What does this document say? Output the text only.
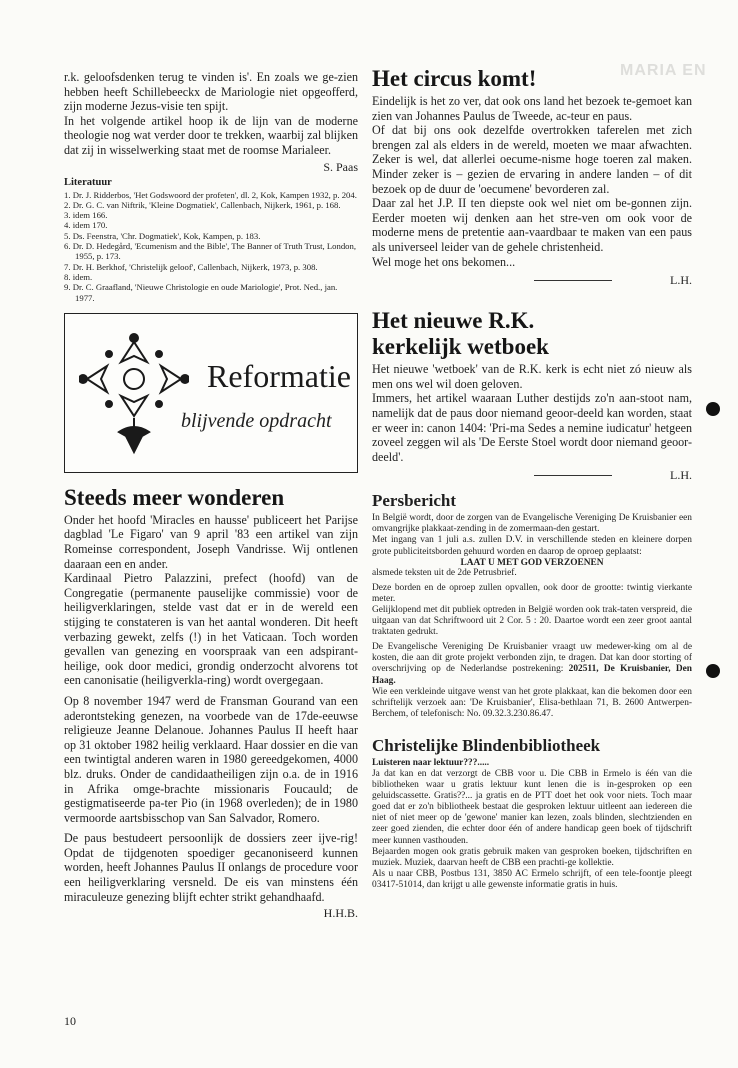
MARIA EN

r.k. geloofsdenken terug te vinden is'. En zoals we ge-zien hebben heeft Schillebeeckx de Mariologie niet opgeofferd, zijn moderne Jezus-visie ten spijt.

In het volgende artikel hoop ik de lijn van de moderne theologie nog wat verder door te trekken, waarbij zal blijken dat zij in wisselwerking staat met de roomse Marialeer.

S. Paas

Literatuur
1. Dr. J. Ridderbos, 'Het Godswoord der profeten', dl. 2, Kok, Kampen 1932, p. 204.
2. Dr. G. C. van Niftrik, 'Kleine Dogmatiek', Callenbach, Nijkerk, 1961, p. 168.
3. idem 166.
4. idem 170.
5. Ds. Feenstra, 'Chr. Dogmatiek', Kok, Kampen, p. 183.
6. Dr. D. Hedegård, 'Ecumenism and the Bible', The Banner of Truth Trust, London, 1955, p. 173.
7. Dr. H. Berkhof, 'Christelijk geloof', Callenbach, Nijkerk, 1973, p. 308.
8. idem.
9. Dr. C. Graafland, 'Nieuwe Christologie en oude Mariologie', Prot. Ned., jan. 1977.
Reformatie
blijvende opdracht
Steeds meer wonderen

Onder het hoofd 'Miracles en hausse' publiceert het Parijse dagblad 'Le Figaro' van 9 april '83 een artikel van zijn Romeinse correspondent, Joseph Vandrisse. Wij ontlenen daaraan een en ander.

Kardinaal Pietro Palazzini, prefect (hoofd) van de Congregatie (permanente pauselijke commissie) voor de heiligverklaringen, stelde vast dat er in de wereld een stijging te constateren is van het aantal wonderen. Dit heeft verbazing gewekt, zelfs (!) in het Vaticaan. Toch worden gevallen van genezing en voorspraak van een adspirant-heilige, ook door medici, grondig onderzocht alvorens tot een canonisatie (heiligverkla-ring) wordt overgegaan.

Op 8 november 1947 werd de Fransman Gourand van een aderontsteking genezen, na voorbede van de 17de-eeuwse religieuze Jeanne Delanoue. Johannes Paulus II heeft haar op 31 oktober 1982 heilig verklaard. Haar dossier en die van een twintigtal anderen waren in 1980 gereedgekomen, 4000 blz. druks. Onder de candidaatheiligen zijn o.a. de in 1916 in Afrika omge-brachte missionaris Foucauld; de gestigmatiseerde pa-ter Pio (in 1968 overleden); de in 1980 vermoorde aartsbisschop van San Salvador, Romero.

De paus bestudeert persoonlijk de dossiers zeer ijve-rig! Opdat de tijdgenoten spoediger gecanoniseerd kunnen worden, heeft Johannes Paulus II onlangs de procedure voor een heiligverklaring versneld. De eis van minstens één miraculeuze genezing blijft echter strikt gehandhaafd.

H.H.B.

Het circus komt!

Eindelijk is het zo ver, dat ook ons land het bezoek te-gemoet kan zien van Johannes Paulus de Tweede, ac-teur en paus.

Of dat bij ons ook dezelfde overtrokken taferelen met zich brengen zal als elders in de wereld, moeten we maar afwachten. Zeker is wel, dat allerlei oecume-nisme hoge toeren zal maken. Minder zeker is – gezien de ervaring in andere landen – of dit bezoek op de duur de 'oecumene' bevorderen zal.

Daar zal het J.P. II ten diepste ook wel niet om be-gonnen zijn. Eerder moeten wij denken aan het stre-ven om ook voor de moderne mens de pretentie aan-vaardbaar te maken van een paus als universeel leider van de gehele christenheid.

Wel moge het ons bekomen...

L.H.
Het nieuwe R.K.
kerkelijk wetboek

Het nieuwe 'wetboek' van de R.K. kerk is echt niet zó nieuw als men ons wel wil doen geloven.

Immers, het artikel waaraan Luther destijds zo'n aan-stoot nam, namelijk dat de paus door niemand geoor-deeld kan worden, staat er weer in: canon 1404: 'Pri-ma Sedes a nemine iudicatur' hetgeen zoveel zeggen wil als 'De Eerste Stoel wordt door niemand geoor-deeld'.

L.H.
Persbericht

In België wordt, door de zorgen van de Evangelische Vereniging De Kruisbanier een omvangrijke plakkaat-zending in de zomermaan-den gestart.

Met ingang van 1 juli a.s. zullen D.V. in verschillende steden en kleinere dorpen grote publiciteitsborden gehuurd worden en daarop de oproep geplaatst:

LAAT U MET GOD VERZOENEN

alsmede teksten uit de 2de Petrusbrief.

Deze borden en de oproep zullen opvallen, ook door de grootte: twintig vierkante meter.

Gelijklopend met dit publiek optreden in België worden ook trak-taten verspreid, die uitgaan van dat Schriftwoord uit 2 Cor. 5 : 20. Daartoe wordt een zeer groot aantal traktaten gedrukt.

De Evangelische Vereniging De Kruisbanier vraagt uw medewer-king om al de kosten, die aan dit grote projekt verbonden zijn, te dragen. Dat kan door storting of overschrijving op de Nederlandse postrekening: 202511, De Kruisbanier, Den Haag.

Wie een verkleinde uitgave wenst van het grote plakkaat, kan die bekomen door een schriftelijk verzoek aan: 'De Kruisbanier', Elisa-bethlaan 71, B. 2600 Antwerpen-Berchem, of telefonisch: No. 09.32.3.230.86.47.

Christelijke Blindenbibliotheek

Luisteren naar lektuur???.....

Ja dat kan en dat verzorgt de CBB voor u. Die CBB in Ermelo is één van die bibliotheken waar u gratis lektuur kunt lenen die is in-gesproken op een geluidscassette. Gratis??... ja gratis en de PTT doet het ook voor niets. Toch maar goed dat er zo'n bibliotheek bestaat die gesproken lektuur uitleent aan iedereen die niet of niet meer op de 'gewone' manier kan lezen, zoals blinden, slechtzienden en zeer goed zienden, die echter door één of andere handicap geen boek of tijdschrift meer kunnen vasthouden.

Bejaarden mogen ook gratis gebruik maken van gesproken boeken, tijdschriften en muziek. Muziek, daarvan heeft de CBB een prachti-ge kollektie.

Als u naar CBB, Postbus 131, 3850 AC Ermelo schrijft, of een tele-foontje pleegt 03417-51014, dan krijgt u alle gewenste informatie gratis in huis.

10
